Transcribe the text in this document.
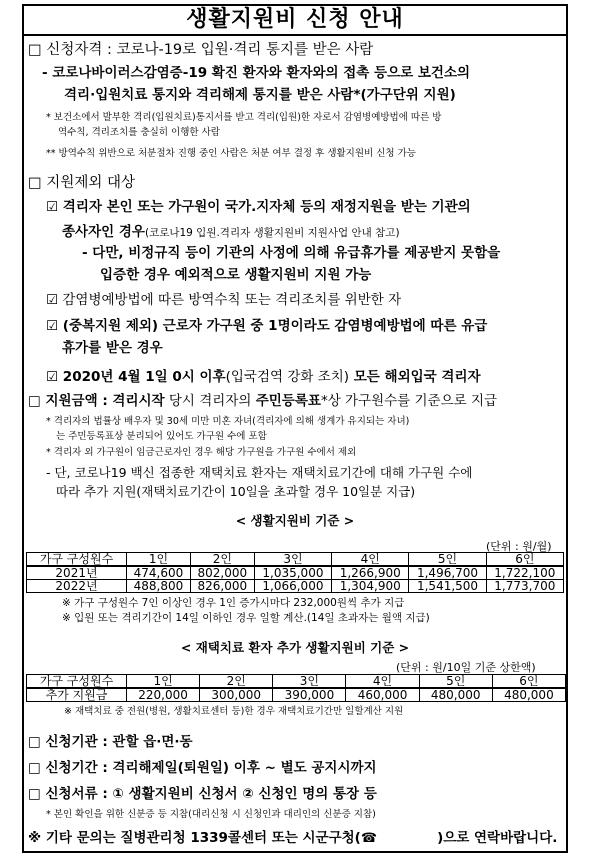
생활지원비 신청 안내
□ 신청자격 : 코로나-19로 입원·격리 통지를 받은 사람
- 코로나바이러스감염증-19 확진 환자와 환자와의 접촉 등으로 보건소의
격리·입원치료 통지와 격리해제 통지를 받은 사람*(가구단위 지원)
* 보건소에서 발부한 격리(입원치료)통지서를 받고 격리(입원)한 자로서 감염병예방법에 따른 방
역수칙, 격리조치를 충실히 이행한 사람
** 방역수칙 위반으로 처분절차 진행 중인 사람은 처분 여부 결정 후 생활지원비 신청 가능
□ 지원제외 대상
☑ 격리자 본인 또는 가구원이 국가.지자체 등의 재정지원을 받는 기관의
종사자인 경우(코로나19 입원.격리자 생활지원비 지원사업 안내 참고)
- 다만, 비정규직 등이 기관의 사정에 의해 유급휴가를 제공받지 못함을
입증한 경우 예외적으로 생활지원비 지원 가능
☑ 감염병예방법에 따른 방역수칙 또는 격리조치를 위반한 자
☑ (중복지원 제외) 근로자 가구원 중 1명이라도 감염병예방법에 따른 유급
휴가를 받은 경우
☑ 2020년 4월 1일 0시 이후(입국검역 강화 조치) 모든 해외입국 격리자
□ 지원금액 : 격리시작 당시 격리자의 주민등록표*상 가구원수를 기준으로 지급
* 격리자의 법률상 배우자 및 30세 미만 미혼 자녀(격리자에 의해 생계가 유지되는 자녀)
는 주민등록표상 분리되어 있어도 가구원 수에 포함
* 격리자 외 가구원이 임금근로자인 경우 해당 가구원을 가구원 수에서 제외
- 단, 코로나19 백신 접종한 재택치료 환자는 재택치료기간에 대해 가구원 수에
따라 추가 지원(재택치료기간이 10일을 초과할 경우 10일분 지급)
< 생활지원비 기준 >
(단위 : 원/월)
가구 구성원수	1인	2인	3인	4인	5인	6인
2021년	474,600	802,000	1,035,000	1,266,900	1,496,700	1,722,100
2022년	488,800	826,000	1,066,000	1,304,900	1,541,500	1,773,700
※ 가구 구성원수 7인 이상인 경우 1인 증가시마다 232,000원씩 추가 지급
※ 입원 또는 격리기간이 14일 이하인 경우 일할 계산.(14일 초과자는 월액 지급)
< 재택치료 환자 추가 생활지원비 기준 >
(단위 : 원/10일 기준 상한액)
가구 구성원수	1인	2인	3인	4인	5인	6인
추가 지원금	220,000	300,000	390,000	460,000	480,000	480,000
※ 재택치료 중 전원(병원, 생활치료센터 등)한 경우 재택치료기간만 일할계산 지원
□ 신청기관 : 관할 읍·면·동
□ 신청기간 : 격리해제일(퇴원일) 이후 ~ 별도 공지시까지
□ 신청서류 : ① 생활지원비 신청서 ② 신청인 명의 통장 등
* 본인 확인을 위한 신분증 등 지참(대리신청 시 신청인과 대리인의 신분증 지참)
※ 기타 문의는 질병관리청 1339콜센터 또는 시군구청(☎	)으로 연락바랍니다.
